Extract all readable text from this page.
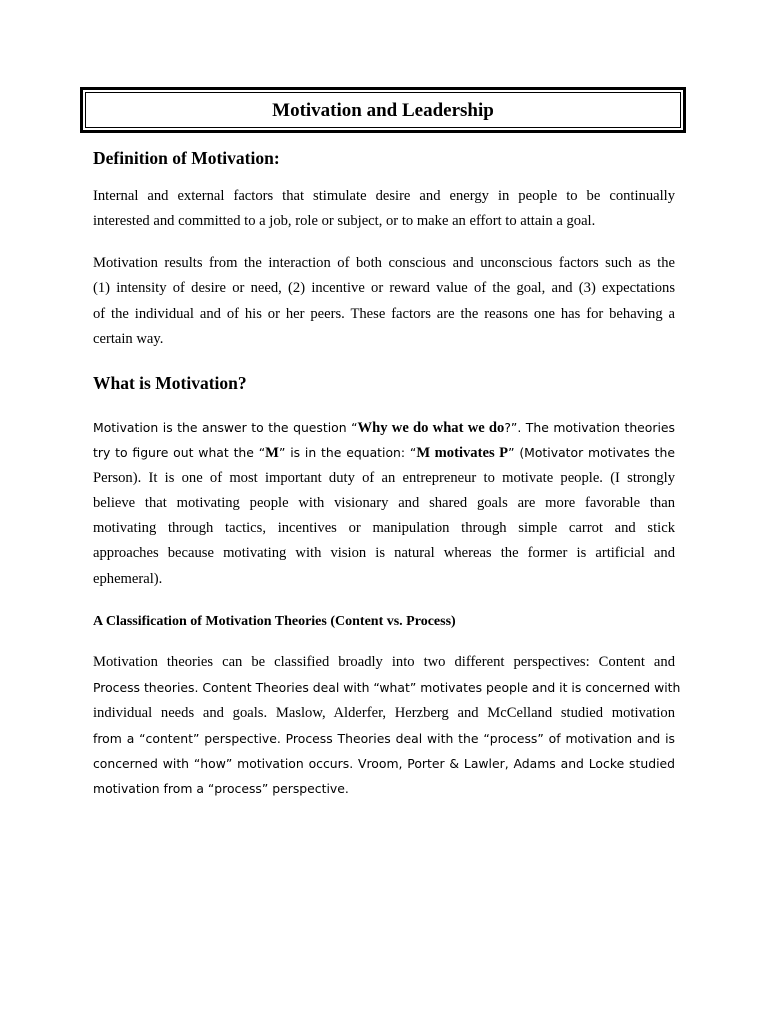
Motivation and Leadership
Definition of Motivation:
Internal and external factors that stimulate desire and energy in people to be continually
interested and committed to a job, role or subject, or to make an effort to attain a goal.
Motivation results from the interaction of both conscious and unconscious factors such as the
(1) intensity of desire or need, (2) incentive or reward value of the goal, and (3) expectations
of the individual and of his or her peers. These factors are the reasons one has for behaving a
certain way.
What is Motivation?
Motivation is the answer to the question “Why we do what we do?”. The motivation theories
try to figure out what the “M” is in the equation: “M motivates P” (Motivator motivates the
Person). It is one of most important duty of an entrepreneur to motivate people. (I strongly
believe that motivating people with visionary and shared goals are more favorable than
motivating through tactics, incentives or manipulation through simple carrot and stick
approaches because motivating with vision is natural whereas the former is artificial and
ephemeral).
A Classification of Motivation Theories (Content vs. Process)
Motivation theories can be classified broadly into two different perspectives: Content and
Process theories. Content Theories deal with “what” motivates people and it is concerned with
individual needs and goals. Maslow, Alderfer, Herzberg and McCelland studied motivation
from a “content” perspective. Process Theories deal with the “process” of motivation and is
concerned with “how” motivation occurs. Vroom, Porter & Lawler, Adams and Locke studied
motivation from a “process” perspective.
